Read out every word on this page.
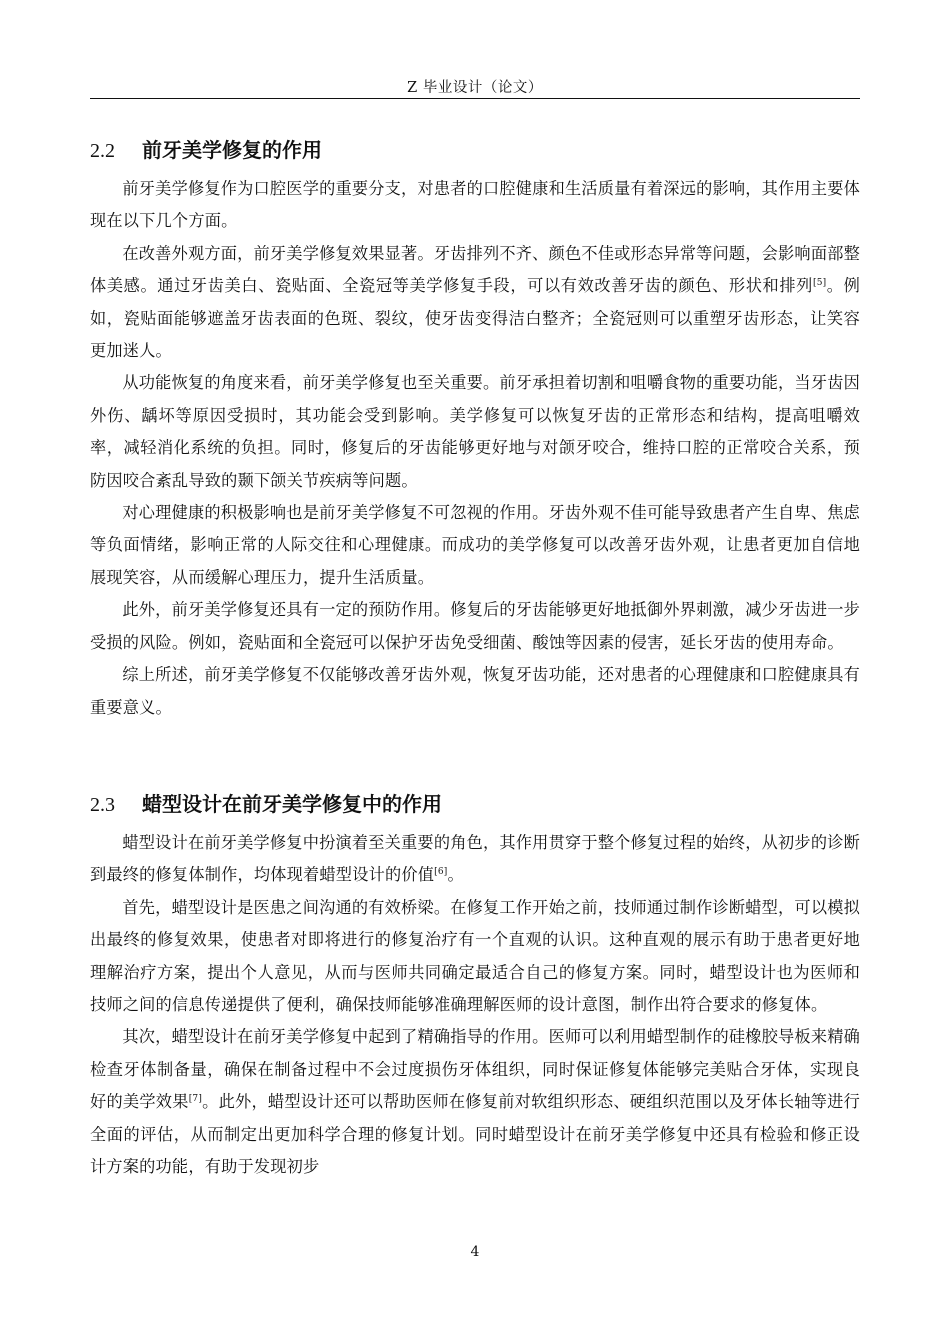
Z 毕业设计（论文）
2.2 前牙美学修复的作用

前牙美学修复作为口腔医学的重要分支，对患者的口腔健康和生活质量有着深远的影响，其作用主要体现在以下几个方面。

在改善外观方面，前牙美学修复效果显著。牙齿排列不齐、颜色不佳或形态异常等问题，会影响面部整体美感。通过牙齿美白、瓷贴面、全瓷冠等美学修复手段，可以有效改善牙齿的颜色、形状和排列[5]。例如，瓷贴面能够遮盖牙齿表面的色斑、裂纹，使牙齿变得洁白整齐；全瓷冠则可以重塑牙齿形态，让笑容更加迷人。

从功能恢复的角度来看，前牙美学修复也至关重要。前牙承担着切割和咀嚼食物的重要功能，当牙齿因外伤、龋坏等原因受损时，其功能会受到影响。美学修复可以恢复牙齿的正常形态和结构，提高咀嚼效率，减轻消化系统的负担。同时，修复后的牙齿能够更好地与对颌牙咬合，维持口腔的正常咬合关系，预防因咬合紊乱导致的颞下颌关节疾病等问题。

对心理健康的积极影响也是前牙美学修复不可忽视的作用。牙齿外观不佳可能导致患者产生自卑、焦虑等负面情绪，影响正常的人际交往和心理健康。而成功的美学修复可以改善牙齿外观，让患者更加自信地展现笑容，从而缓解心理压力，提升生活质量。

此外，前牙美学修复还具有一定的预防作用。修复后的牙齿能够更好地抵御外界刺激，减少牙齿进一步受损的风险。例如，瓷贴面和全瓷冠可以保护牙齿免受细菌、酸蚀等因素的侵害，延长牙齿的使用寿命。

综上所述，前牙美学修复不仅能够改善牙齿外观，恢复牙齿功能，还对患者的心理健康和口腔健康具有重要意义。

2.3 蜡型设计在前牙美学修复中的作用

蜡型设计在前牙美学修复中扮演着至关重要的角色，其作用贯穿于整个修复过程的始终，从初步的诊断到最终的修复体制作，均体现着蜡型设计的价值[6]。

首先，蜡型设计是医患之间沟通的有效桥梁。在修复工作开始之前，技师通过制作诊断蜡型，可以模拟出最终的修复效果，使患者对即将进行的修复治疗有一个直观的认识。这种直观的展示有助于患者更好地理解治疗方案，提出个人意见，从而与医师共同确定最适合自己的修复方案。同时，蜡型设计也为医师和技师之间的信息传递提供了便利，确保技师能够准确理解医师的设计意图，制作出符合要求的修复体。

其次，蜡型设计在前牙美学修复中起到了精确指导的作用。医师可以利用蜡型制作的硅橡胶导板来精确检查牙体制备量，确保在制备过程中不会过度损伤牙体组织，同时保证修复体能够完美贴合牙体，实现良好的美学效果[7]。此外，蜡型设计还可以帮助医师在修复前对软组织形态、硬组织范围以及牙体长轴等进行全面的评估，从而制定出更加科学合理的修复计划。同时蜡型设计在前牙美学修复中还具有检验和修正设计方案的功能，有助于发现初步

4
